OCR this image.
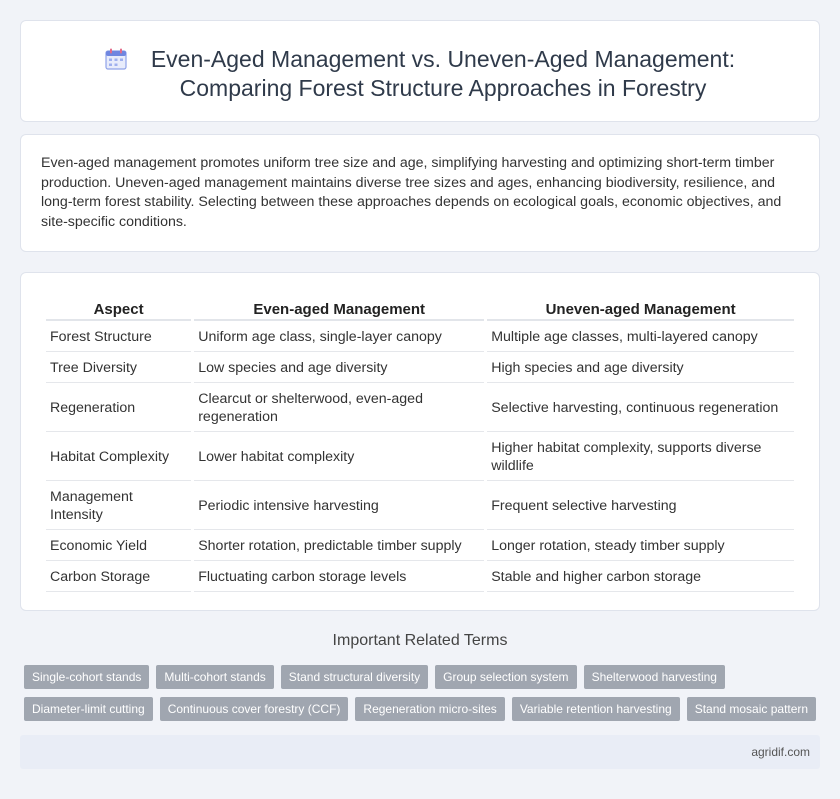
Even-Aged Management vs. Uneven-Aged Management:
Comparing Forest Structure Approaches in Forestry

Even-aged management promotes uniform tree size and age, simplifying harvesting and optimizing short-term timber production. Uneven-aged management maintains diverse tree sizes and ages, enhancing biodiversity, resilience, and long-term forest stability. Selecting between these approaches depends on ecological goals, economic objectives, and site-specific conditions.

Aspect	Even-aged Management	Uneven-aged Management
Forest Structure	Uniform age class, single-layer canopy	Multiple age classes, multi-layered canopy
Tree Diversity	Low species and age diversity	High species and age diversity
Regeneration	Clearcut or shelterwood, even-aged regeneration	Selective harvesting, continuous regeneration
Habitat Complexity	Lower habitat complexity	Higher habitat complexity, supports diverse wildlife
Management Intensity	Periodic intensive harvesting	Frequent selective harvesting
Economic Yield	Shorter rotation, predictable timber supply	Longer rotation, steady timber supply
Carbon Storage	Fluctuating carbon storage levels	Stable and higher carbon storage
Important Related Terms
Single-cohort stands	Multi-cohort stands	Stand structural diversity	Group selection system	Shelterwood harvesting
Diameter-limit cutting	Continuous cover forestry (CCF)	Regeneration micro-sites	Variable retention harvesting	Stand mosaic pattern
agridif.com
